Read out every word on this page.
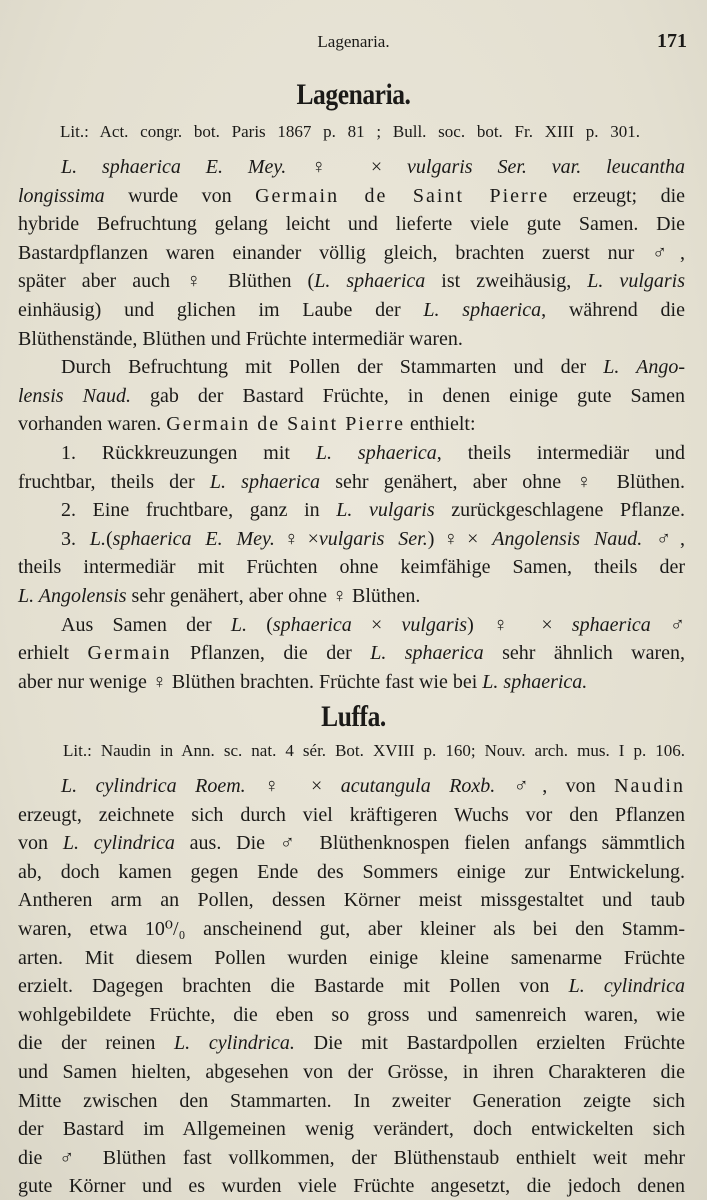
Lagenaria.	171
Lagenaria.
Lit.: Act. congr. bot. Paris 1867 p. 81 ; Bull. soc. bot. Fr. XIII p. 301.
L. sphaerica E. Mey. ♀ × vulgaris Ser. var. leucantha
longissima wurde von Germain de Saint Pierre erzeugt; die
hybride Befruchtung gelang leicht und lieferte viele gute Samen. Die
Bastardpflanzen waren einander völlig gleich, brachten zuerst nur ♂,
später aber auch ♀ Blüthen (L. sphaerica ist zweihäusig, L. vulgaris
einhäusig) und glichen im Laube der L. sphaerica, während die
Blüthenstände, Blüthen und Früchte intermediär waren.
Durch Befruchtung mit Pollen der Stammarten und der L. Ango-
lensis Naud. gab der Bastard Früchte, in denen einige gute Samen
vorhanden waren. Germain de Saint Pierre enthielt:
1. Rückkreuzungen mit L. sphaerica, theils intermediär und
fruchtbar, theils der L. sphaerica sehr genähert, aber ohne ♀ Blüthen.
2. Eine fruchtbare, ganz in L. vulgaris zurückgeschlagene Pflanze.
3. L.(sphaerica E. Mey.♀×vulgaris Ser.)♀× Angolensis Naud. ♂,
theils intermediär mit Früchten ohne keimfähige Samen, theils der
L. Angolensis sehr genähert, aber ohne ♀ Blüthen.
Aus Samen der L. (sphaerica × vulgaris) ♀ × sphaerica ♂
erhielt Germain Pflanzen, die der L. sphaerica sehr ähnlich waren,
aber nur wenige ♀ Blüthen brachten. Früchte fast wie bei L. sphaerica.
Luffa.
Lit.: Naudin in Ann. sc. nat. 4 sér. Bot. XVIII p. 160; Nouv. arch. mus. I p. 106.
L. cylindrica Roem. ♀ × acutangula Roxb. ♂, von Naudin
erzeugt, zeichnete sich durch viel kräftigeren Wuchs vor den Pflanzen
von L. cylindrica aus. Die ♂ Blüthenknospen fielen anfangs sämmtlich
ab, doch kamen gegen Ende des Sommers einige zur Entwickelung.
Antheren arm an Pollen, dessen Körner meist missgestaltet und taub
waren, etwa 10⁰/₀ anscheinend gut, aber kleiner als bei den Stamm-
arten. Mit diesem Pollen wurden einige kleine samenarme Früchte
erzielt. Dagegen brachten die Bastarde mit Pollen von L. cylindrica
wohlgebildete Früchte, die eben so gross und samenreich waren, wie
die der reinen L. cylindrica. Die mit Bastardpollen erzielten Früchte
und Samen hielten, abgesehen von der Grösse, in ihren Charakteren die
Mitte zwischen den Stammarten. In zweiter Generation zeigte sich
der Bastard im Allgemeinen wenig verändert, doch entwickelten sich
die ♂ Blüthen fast vollkommen, der Blüthenstaub enthielt weit mehr
gute Körner und es wurden viele Früchte angesetzt, die jedoch denen
